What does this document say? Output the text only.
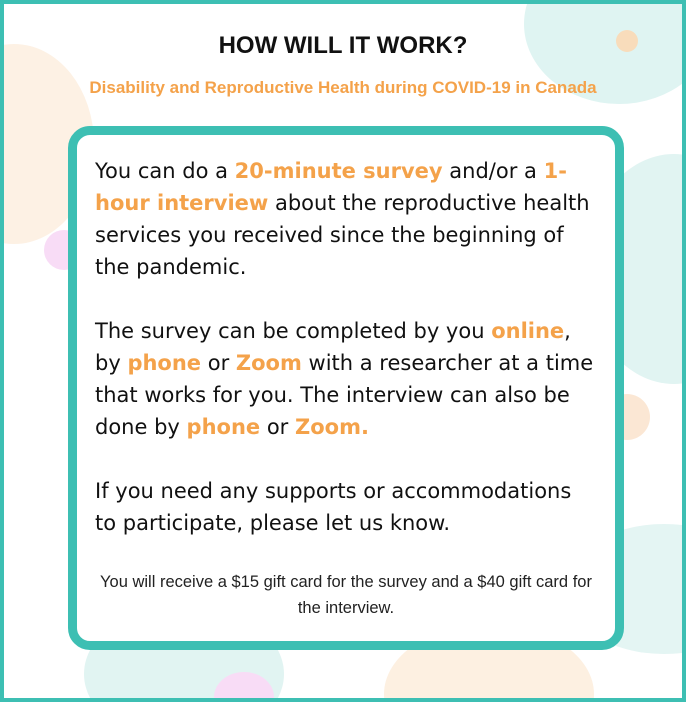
HOW WILL IT WORK?
Disability and Reproductive Health during COVID-19 in Canada

You can do a 20-minute survey and/or a 1-hour interview about the reproductive health services you received since the beginning of the pandemic.

The survey can be completed by you online, by phone or Zoom with a researcher at a time that works for you. The interview can also be done by phone or Zoom.

If you need any supports or accommodations to participate, please let us know.

You will receive a $15 gift card for the survey and a $40 gift card for the interview.
